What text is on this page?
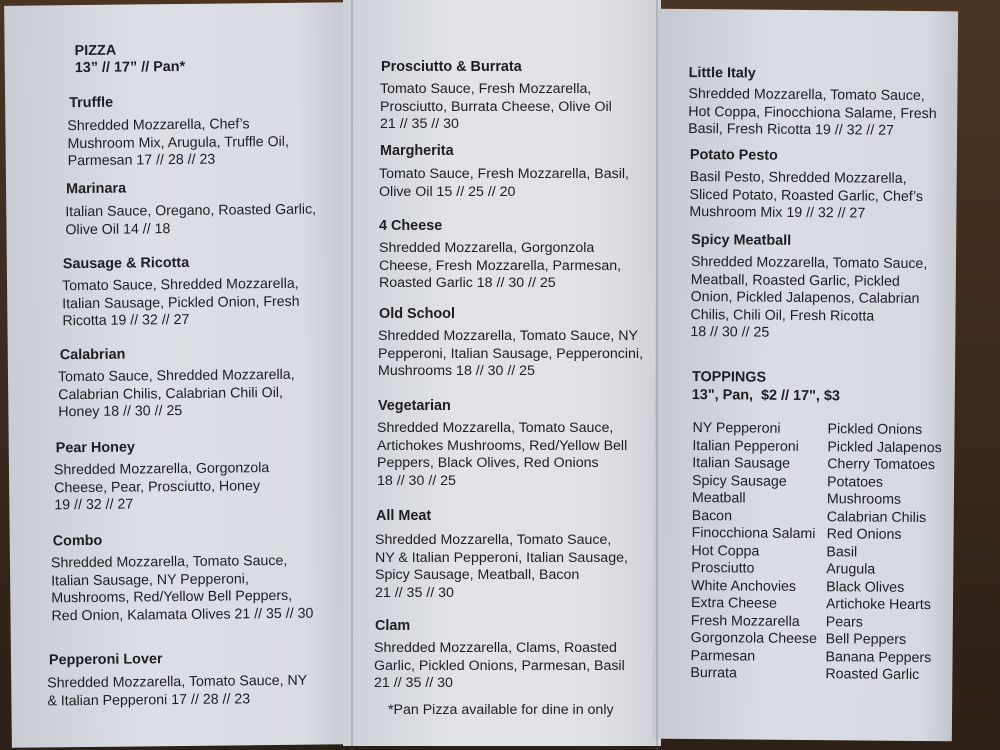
PIZZA
13” // 17” // Pan*
Truffle
Shredded Mozzarella, Chef’s
Mushroom Mix, Arugula, Truffle Oil,
Parmesan 17 // 28 // 23
Marinara
Italian Sauce, Oregano, Roasted Garlic,
Olive Oil 14 // 18
Sausage & Ricotta
Tomato Sauce, Shredded Mozzarella,
Italian Sausage, Pickled Onion, Fresh
Ricotta 19 // 32 // 27
Calabrian
Tomato Sauce, Shredded Mozzarella,
Calabrian Chilis, Calabrian Chili Oil,
Honey 18 // 30 // 25
Pear Honey
Shredded Mozzarella, Gorgonzola
Cheese, Pear, Prosciutto, Honey
19 // 32 // 27
Combo
Shredded Mozzarella, Tomato Sauce,
Italian Sausage, NY Pepperoni,
Mushrooms, Red/Yellow Bell Peppers,
Red Onion, Kalamata Olives 21 // 35 // 30
Pepperoni Lover
Shredded Mozzarella, Tomato Sauce, NY
& Italian Pepperoni 17 // 28 // 23
Prosciutto & Burrata
Tomato Sauce, Fresh Mozzarella,
Prosciutto, Burrata Cheese, Olive Oil
21 // 35 // 30
Margherita
Tomato Sauce, Fresh Mozzarella, Basil,
Olive Oil 15 // 25 // 20
4 Cheese
Shredded Mozzarella, Gorgonzola
Cheese, Fresh Mozzarella, Parmesan,
Roasted Garlic 18 // 30 // 25
Old School
Shredded Mozzarella, Tomato Sauce, NY
Pepperoni, Italian Sausage, Pepperoncini,
Mushrooms 18 // 30 // 25
Vegetarian
Shredded Mozzarella, Tomato Sauce,
Artichokes Mushrooms, Red/Yellow Bell
Peppers, Black Olives, Red Onions
18 // 30 // 25
All Meat
Shredded Mozzarella, Tomato Sauce,
NY & Italian Pepperoni, Italian Sausage,
Spicy Sausage, Meatball, Bacon
21 // 35 // 30
Clam
Shredded Mozzarella, Clams, Roasted
Garlic, Pickled Onions, Parmesan, Basil
21 // 35 // 30
*Pan Pizza available for dine in only
Little Italy
Shredded Mozzarella, Tomato Sauce,
Hot Coppa, Finocchiona Salame, Fresh
Basil, Fresh Ricotta 19 // 32 // 27
Potato Pesto
Basil Pesto, Shredded Mozzarella,
Sliced Potato, Roasted Garlic, Chef’s
Mushroom Mix 19 // 32 // 27
Spicy Meatball
Shredded Mozzarella, Tomato Sauce,
Meatball, Roasted Garlic, Pickled
Onion, Pickled Jalapenos, Calabrian
Chilis, Chili Oil, Fresh Ricotta
18 // 30 // 25
TOPPINGS
13", Pan,  $2 // 17", $3
NY Pepperoni
Italian Pepperoni
Italian Sausage
Spicy Sausage
Meatball
Bacon
Finocchiona Salami
Hot Coppa
Prosciutto
White Anchovies
Extra Cheese
Fresh Mozzarella
Gorgonzola Cheese
Parmesan
Burrata
Pickled Onions
Pickled Jalapenos
Cherry Tomatoes
Potatoes
Mushrooms
Calabrian Chilis
Red Onions
Basil
Arugula
Black Olives
Artichoke Hearts
Pears
Bell Peppers
Banana Peppers
Roasted Garlic
